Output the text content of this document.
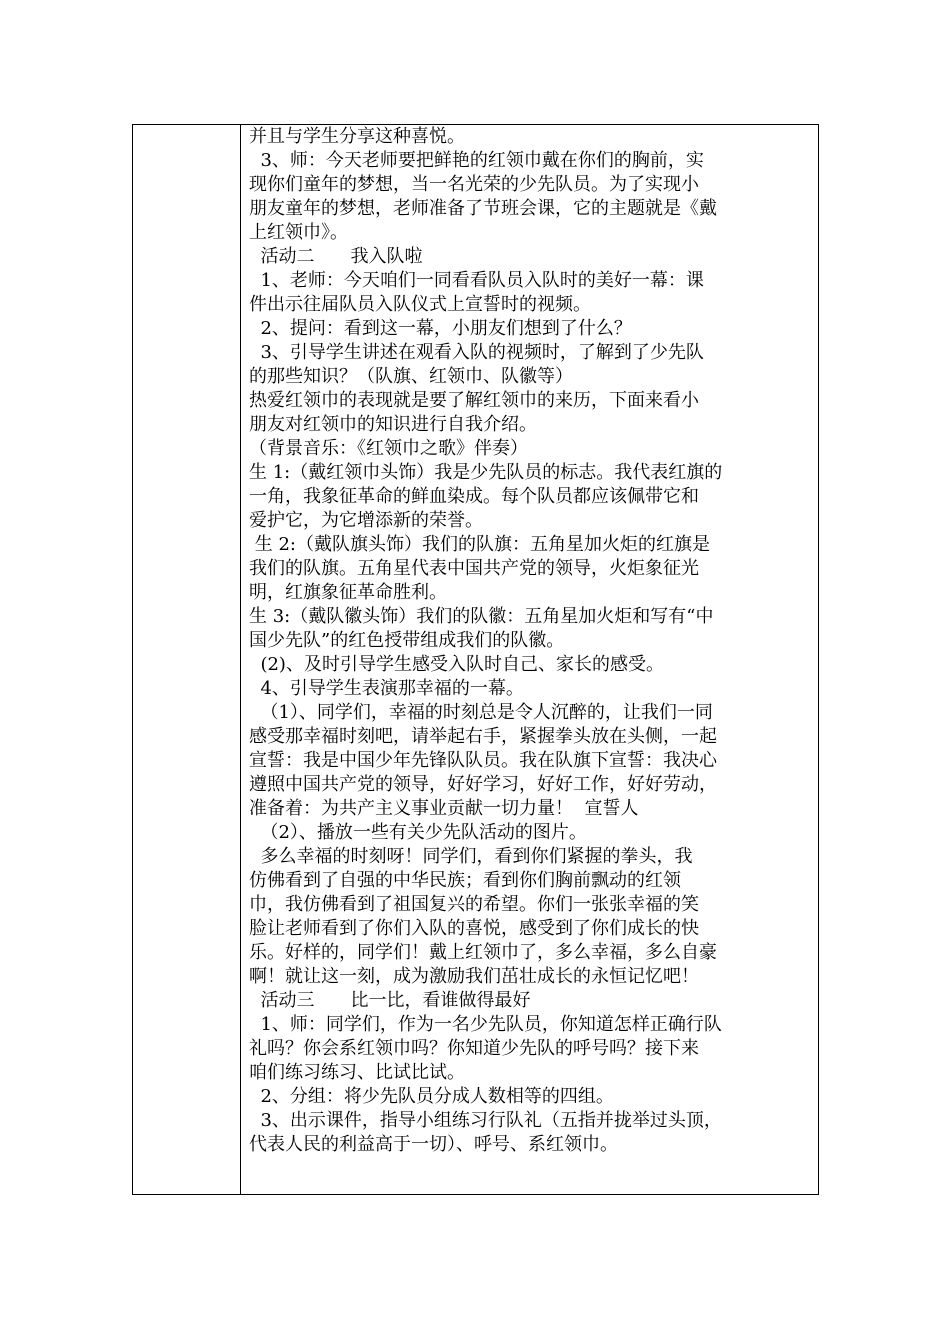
并且与学生分享这种喜悦。
3、师：今天老师要把鲜艳的红领巾戴在你们的胸前，实
现你们童年的梦想，当一名光荣的少先队员。为了实现小
朋友童年的梦想，老师准备了节班会课，它的主题就是《戴
上红领巾》。
活动二　　我入队啦
1、老师：今天咱们一同看看队员入队时的美好一幕：课
件出示往届队员入队仪式上宣誓时的视频。
2、提问：看到这一幕，小朋友们想到了什么？
3、引导学生讲述在观看入队的视频时，了解到了少先队
的那些知识？（队旗、红领巾、队徽等）
热爱红领巾的表现就是要了解红领巾的来历，下面来看小
朋友对红领巾的知识进行自我介绍。
（背景音乐：《红领巾之歌》伴奏）
生 1:（戴红领巾头饰）我是少先队员的标志。我代表红旗的
一角，我象征革命的鲜血染成。每个队员都应该佩带它和
爱护它，为它增添新的荣誉。
生 2:（戴队旗头饰）我们的队旗：五角星加火炬的红旗是
我们的队旗。五角星代表中国共产党的领导，火炬象征光
明，红旗象征革命胜利。
生 3:（戴队徽头饰）我们的队徽：五角星加火炬和写有“中
国少先队”的红色授带组成我们的队徽。
(2)、及时引导学生感受入队时自己、家长的感受。
4、引导学生表演那幸福的一幕。
（1）、同学们，幸福的时刻总是令人沉醉的，让我们一同
感受那幸福时刻吧，请举起右手，紧握拳头放在头侧，一起
宣誓：我是中国少年先锋队队员。我在队旗下宣誓：我决心
遵照中国共产党的领导，好好学习，好好工作，好好劳动，
准备着：为共产主义事业贡献一切力量！  宣誓人
（2）、播放一些有关少先队活动的图片。
多么幸福的时刻呀！同学们，看到你们紧握的拳头，我
仿佛看到了自强的中华民族；看到你们胸前飘动的红领
巾，我仿佛看到了祖国复兴的希望。你们一张张幸福的笑
脸让老师看到了你们入队的喜悦，感受到了你们成长的快
乐。好样的，同学们！戴上红领巾了，多么幸福，多么自豪
啊！就让这一刻，成为激励我们茁壮成长的永恒记忆吧！
活动三　　比一比，看谁做得最好
1、师：同学们，作为一名少先队员，你知道怎样正确行队
礼吗？你会系红领巾吗？你知道少先队的呼号吗？接下来
咱们练习练习、比试比试。
2、分组：将少先队员分成人数相等的四组。
3、出示课件，指导小组练习行队礼（五指并拢举过头顶，
代表人民的利益高于一切）、呼号、系红领巾。
